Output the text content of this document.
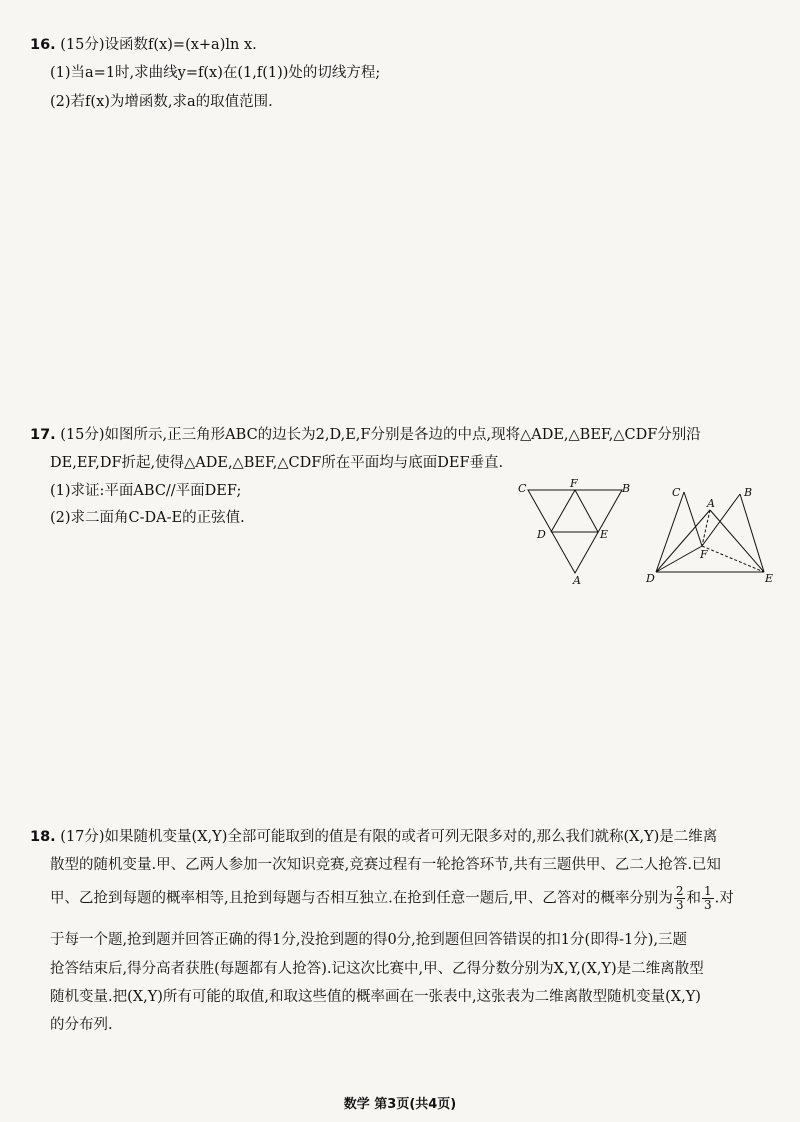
16. (15分)设函数f(x)=(x+a)ln x.
(1)当a=1时,求曲线y=f(x)在(1,f(1))处的切线方程;
(2)若f(x)为增函数,求a的取值范围.
17. (15分)如图所示,正三角形ABC的边长为2,D,E,F分别是各边的中点,现将△ADE,△BEF,△CDF分别沿
DE,EF,DF折起,使得△ADE,△BEF,△CDF所在平面均与底面DEF垂直.
(1)求证:平面ABC//平面DEF;
(2)求二面角C-DA-E的正弦值.
C	F	B
D	E
A
C
A
B
F
D	E
18. (17分)如果随机变量(X,Y)全部可能取到的值是有限的或者可列无限多对的,那么我们就称(X,Y)是二维离
散型的随机变量.甲、乙两人参加一次知识竞赛,竞赛过程有一轮抢答环节,共有三题供甲、乙二人抢答.已知
甲、乙抢到每题的概率相等,且抢到每题与否相互独立.在抢到任意一题后,甲、乙答对的概率分别为 $\frac{2}{3}$ 和 $\frac{1}{3}$ .对
于每一个题,抢到题并回答正确的得1分,没抢到题的得0分,抢到题但回答错误的扣1分(即得-1分),三题
抢答结束后,得分高者获胜(每题都有人抢答).记这次比赛中,甲、乙得分数分别为X,Y,(X,Y)是二维离散型
随机变量.把(X,Y)所有可能的取值,和取这些值的概率画在一张表中,这张表为二维离散型随机变量(X,Y)
的分布列.
数学 第3页(共4页)
